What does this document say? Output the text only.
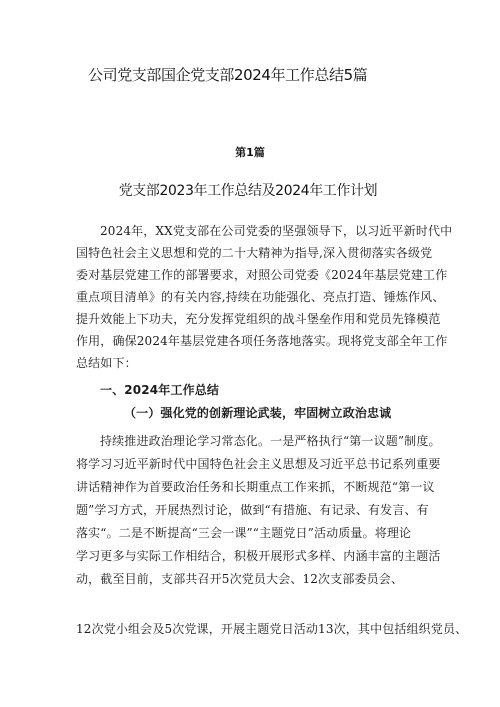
公司党支部国企党支部2024年工作总结5篇
第1篇
党支部2023年工作总结及2024年工作计划
2024年，XX党支部在公司党委的坚强领导下，以习近平新时代中
国特色社会主义思想和党的二十大精神为指导,深入贯彻落实各级党
委对基层党建工作的部署要求，对照公司党委《2024年基层党建工作
重点项目清单》的有关内容,持续在功能强化、亮点打造、锤炼作风、
提升效能上下功夫，充分发挥党组织的战斗堡垒作用和党员先锋模范
作用，确保2024年基层党建各项任务落地落实。现将党支部全年工作
总结如下：
一、2024年工作总结
（一）强化党的创新理论武装，牢固树立政治忠诚
持续推进政治理论学习常态化。一是严格执行“第一议题”制度。
将学习习近平新时代中国特色社会主义思想及习近平总书记系列重要
讲话精神作为首要政治任务和长期重点工作来抓，不断规范“第一议
题”学习方式，开展热烈讨论，做到“有措施、有记录、有发言、有
落实“。二是不断提高“三会一课”“主题党日”活动质量。将理论
学习更多与实际工作相结合，积极开展形式多样、内涵丰富的主题活
动，截至目前，支部共召开5次党员大会、12次支部委员会、
12次党小组会及5次党课，开展主题党日活动13次，其中包括组织党员、
